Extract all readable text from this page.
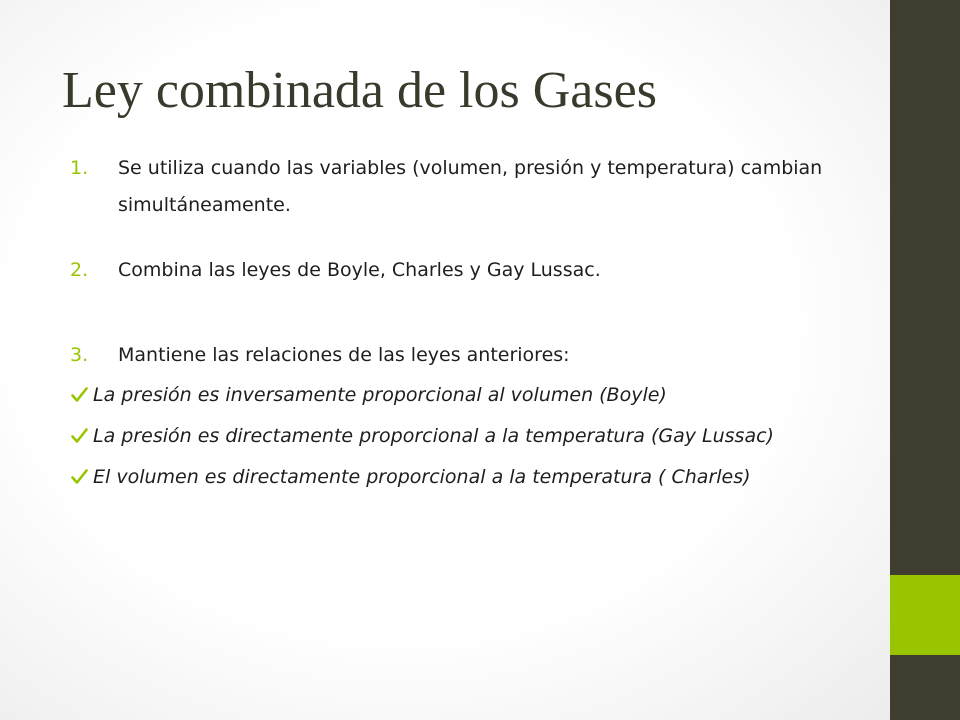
Ley combinada de los Gases
1. Se utiliza cuando las variables (volumen, presión y temperatura) cambian simultáneamente.
2. Combina las leyes de Boyle, Charles y Gay Lussac.
3. Mantiene las relaciones de las leyes anteriores:
La presión es inversamente proporcional al volumen (Boyle)
La presión es directamente proporcional a la temperatura (Gay Lussac)
El volumen es directamente proporcional a la temperatura ( Charles)
